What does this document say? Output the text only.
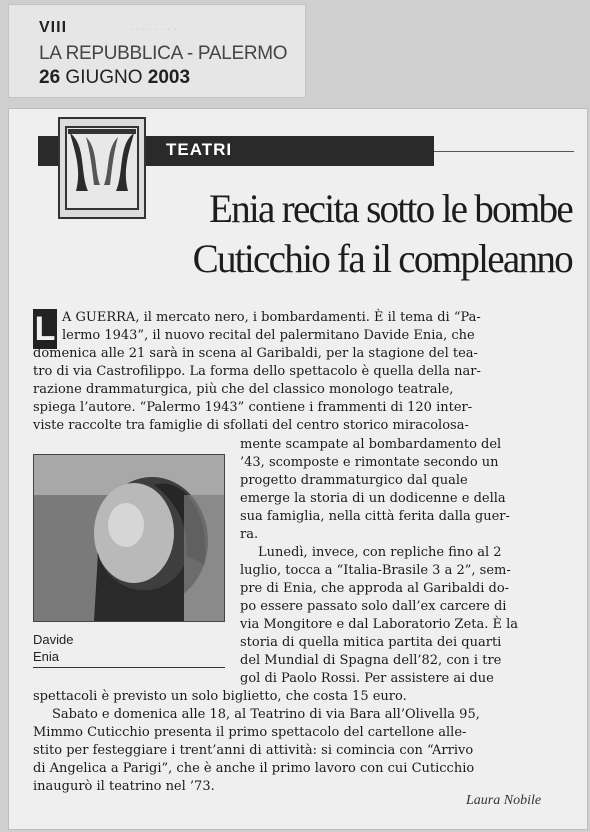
········
VIII
LA REPUBBLICA - PALERMO
26 GIUGNO 2003
TEATRI
Enia recita sotto le bombe
Cuticchio fa il compleanno
L
Davide
Enia
A GUERRA, il mercato nero, i bombardamenti. È il tema di “Pa-
lermo 1943”, il nuovo recital del palermitano Davide Enia, che
domenica alle 21 sarà in scena al Garibaldi, per la stagione del tea-
tro di via Castrofilippo. La forma dello spettacolo è quella della nar-
razione drammaturgica, più che del classico monologo teatrale,
spiega l’autore. “Palermo 1943” contiene i frammenti di 120 inter-
viste raccolte tra famiglie di sfollati del centro storico miracolosa-
mente scampate al bombardamento del
’43, scomposte e rimontate secondo un
progetto drammaturgico dal quale
emerge la storia di un dodicenne e della
sua famiglia, nella città ferita dalla guer-
ra.
Lunedì, invece, con repliche fino al 2
luglio, tocca a “Italia-Brasile 3 a 2”, sem-
pre di Enia, che approda al Garibaldi do-
po essere passato solo dall’ex carcere di
via Mongitore e dal Laboratorio Zeta. È la
storia di quella mitica partita dei quarti
del Mundial di Spagna dell’82, con i tre
gol di Paolo Rossi. Per assistere ai due
spettacoli è previsto un solo biglietto, che costa 15 euro.
Sabato e domenica alle 18, al Teatrino di via Bara all’Olivella 95,
Mimmo Cuticchio presenta il primo spettacolo del cartellone alle-
stito per festeggiare i trent’anni di attività: si comincia con “Arrivo
di Angelica a Parigi”, che è anche il primo lavoro con cui Cuticchio
inaugurò il teatrino nel ’73.
Laura Nobile
